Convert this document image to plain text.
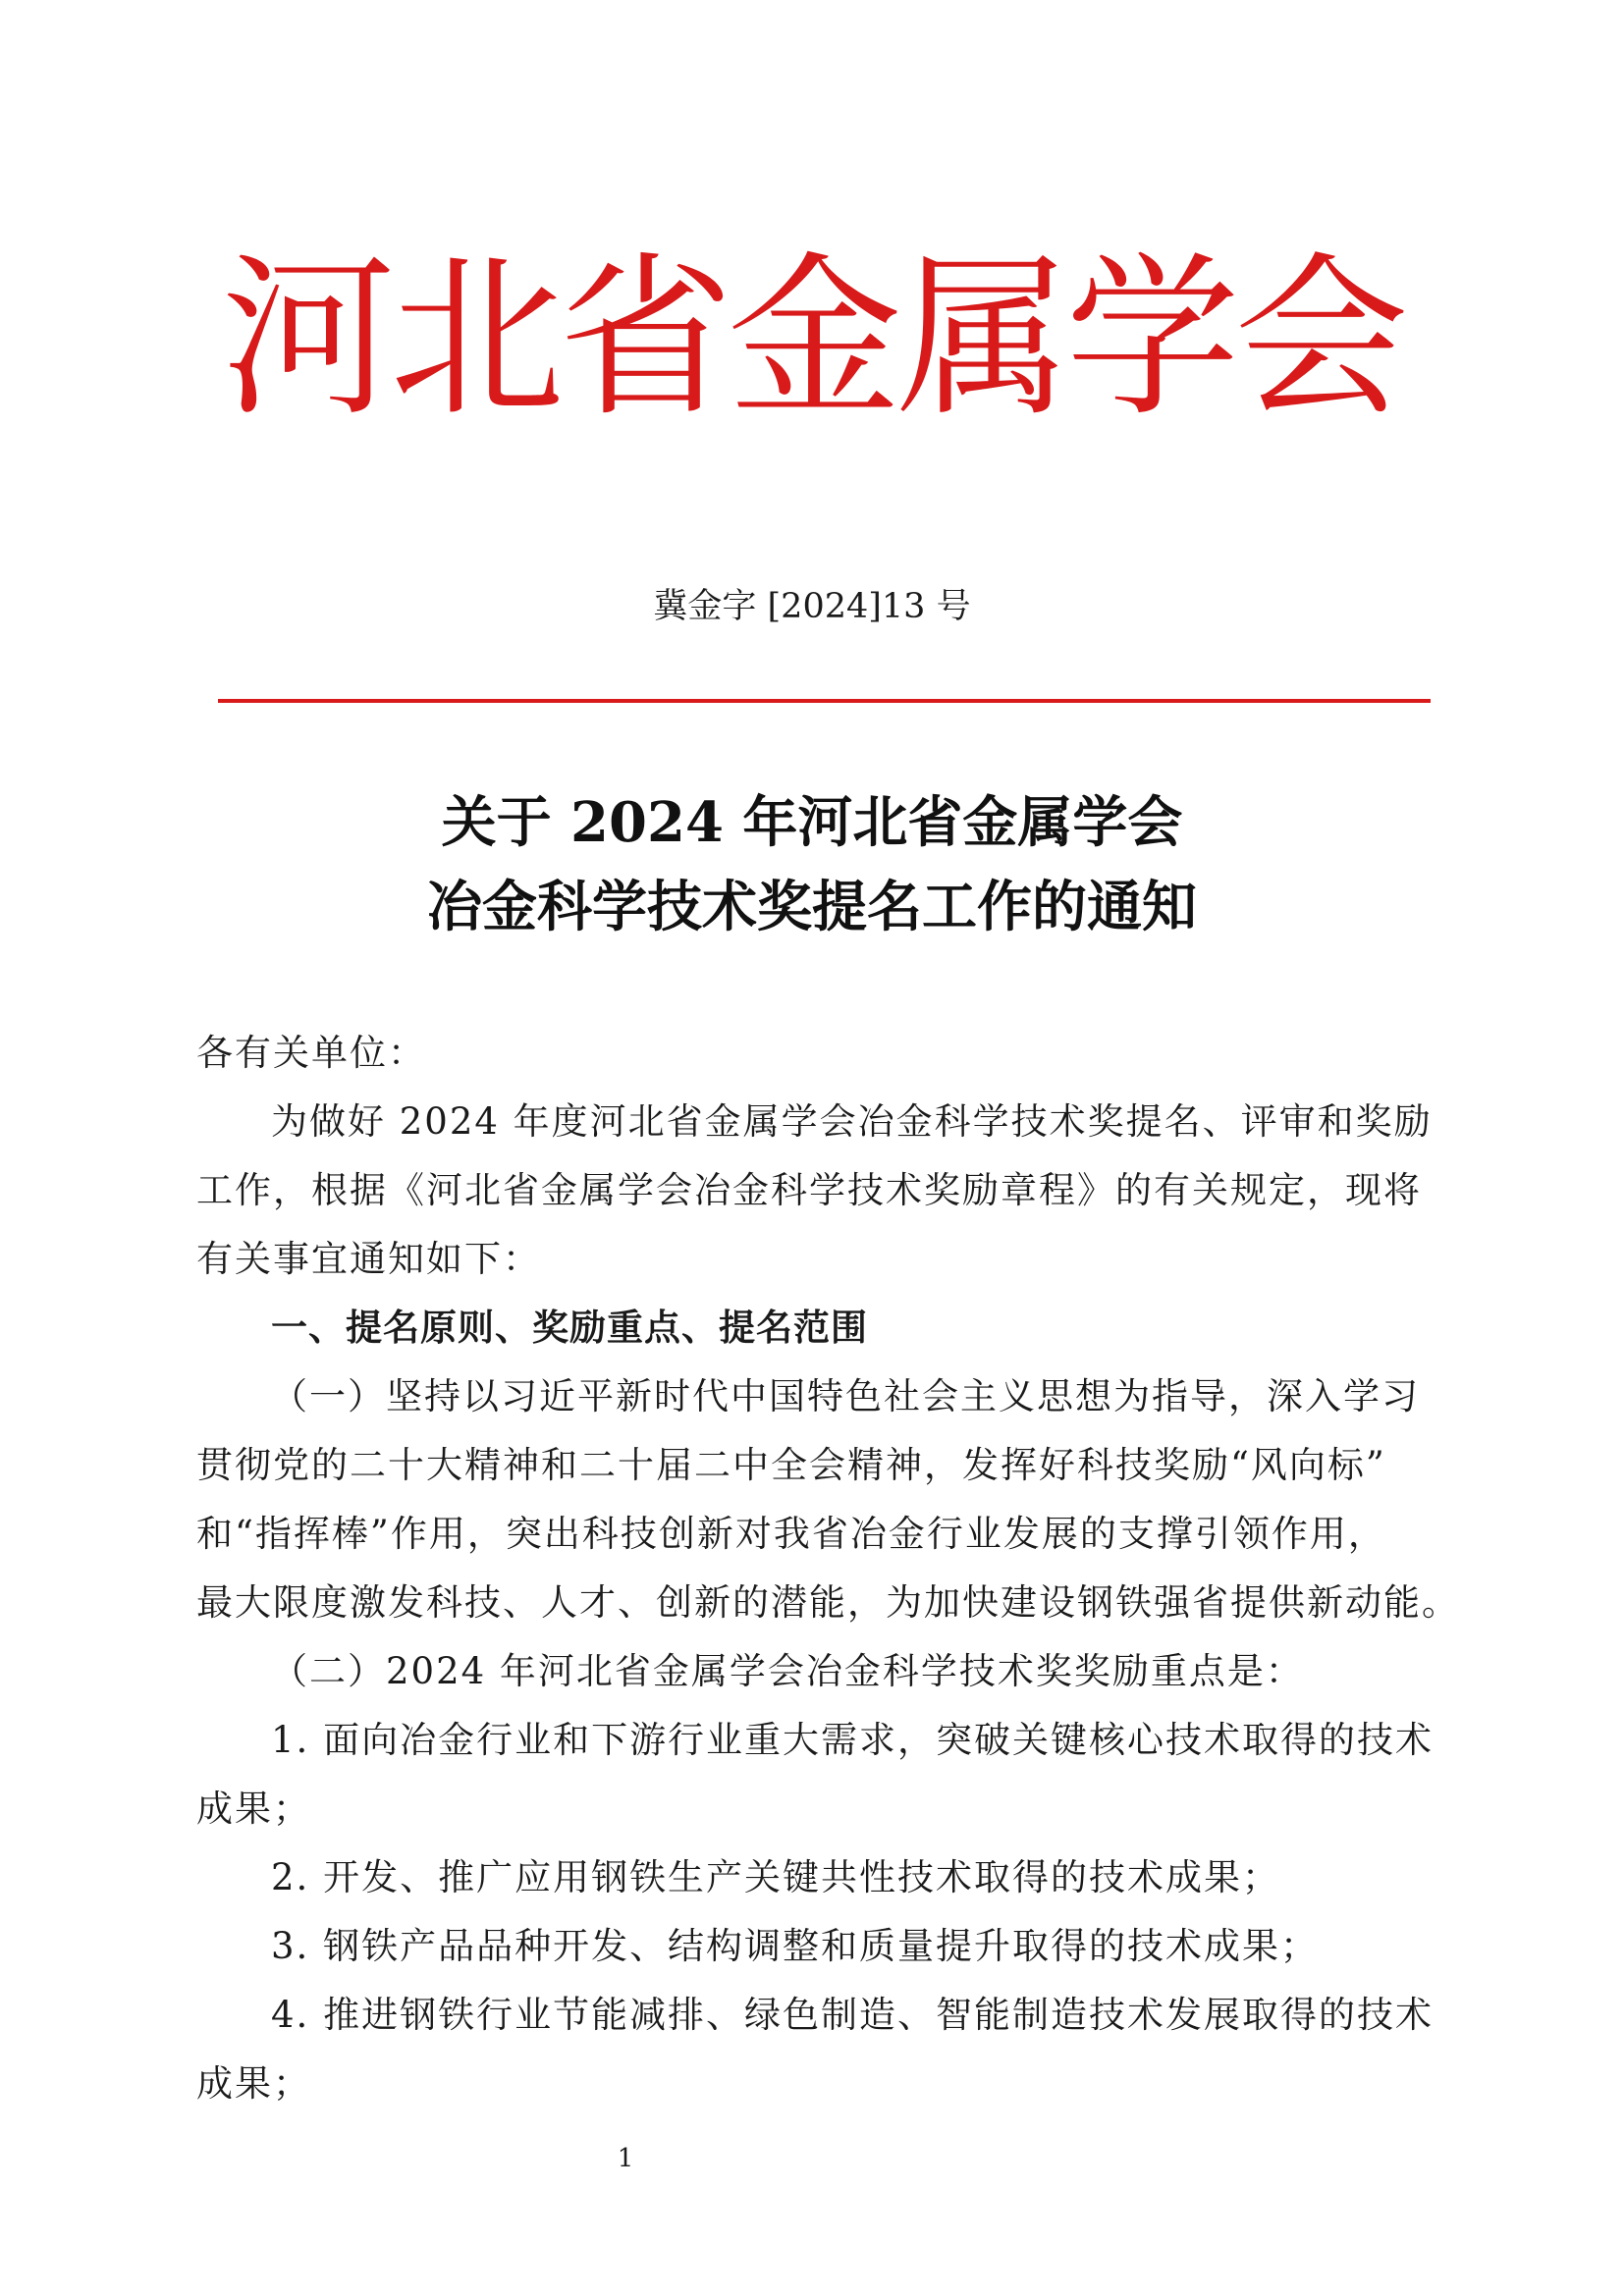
河北省金属学会
冀金字 [2024]13 号
关于 2024 年河北省金属学会
冶金科学技术奖提名工作的通知
各有关单位：
为做好 2024 年度河北省金属学会冶金科学技术奖提名、评审和奖励
工作，根据《河北省金属学会冶金科学技术奖励章程》的有关规定，现将
有关事宜通知如下：
一、提名原则、奖励重点、提名范围
（一）坚持以习近平新时代中国特色社会主义思想为指导，深入学习
贯彻党的二十大精神和二十届二中全会精神，发挥好科技奖励“风向标”
和“指挥棒”作用，突出科技创新对我省冶金行业发展的支撑引领作用，
最大限度激发科技、人才、创新的潜能，为加快建设钢铁强省提供新动能。
（二）2024 年河北省金属学会冶金科学技术奖奖励重点是：
1. 面向冶金行业和下游行业重大需求，突破关键核心技术取得的技术
成果；
2. 开发、推广应用钢铁生产关键共性技术取得的技术成果；
3. 钢铁产品品种开发、结构调整和质量提升取得的技术成果；
4. 推进钢铁行业节能减排、绿色制造、智能制造技术发展取得的技术
成果；
1
